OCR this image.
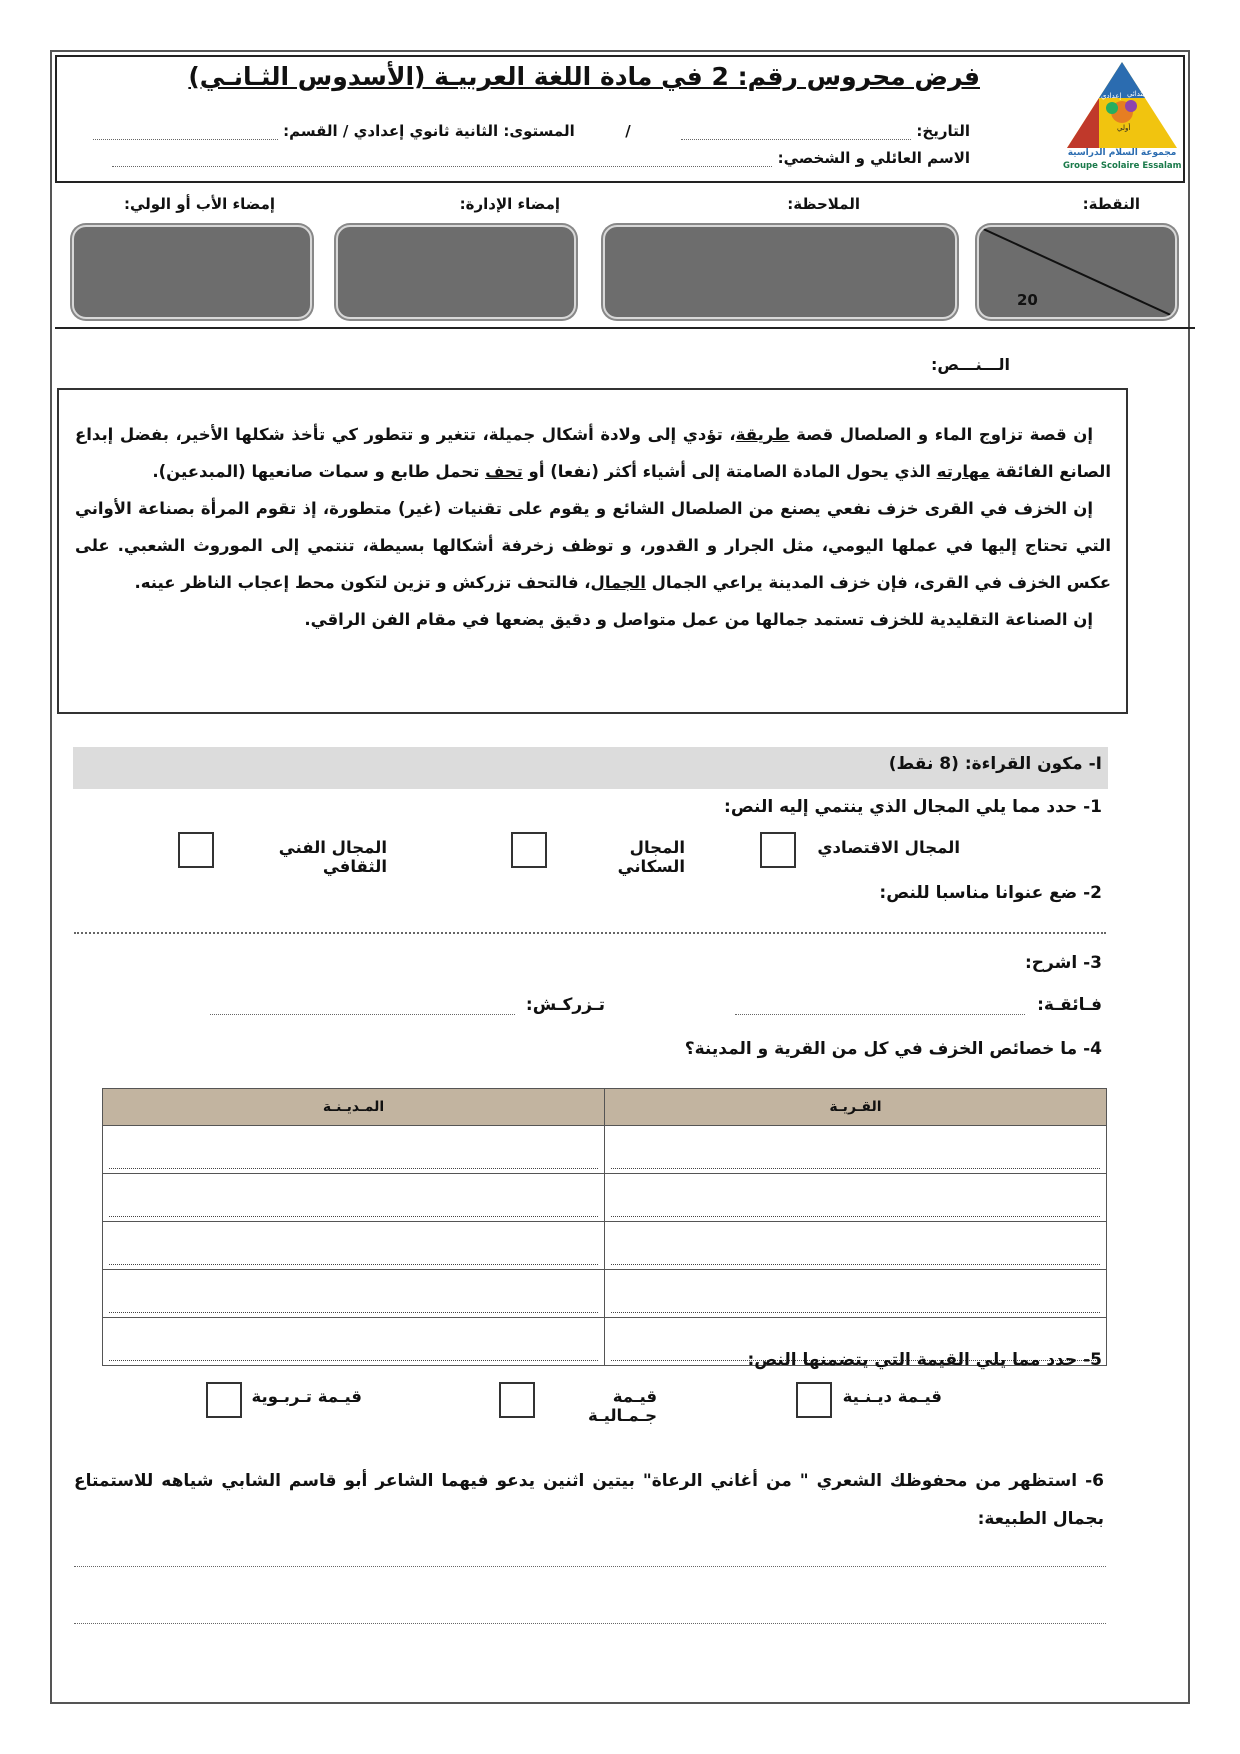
إعدادي ابتدائي
أولي
مجموعة السلام الدراسية
Groupe Scolaire Essalam
فرض محروس رقم: 2 في مادة اللغة العربيـة (الأسدوس الثـانـي)
التاريخ:   /  المستوى: الثانية ثانوي إعدادي / القسم:
الاسم العائلي و الشخصي:
النقطة:
الملاحظة:
إمضاء الإدارة:
إمضاء الأب أو الولي:
20
الـــنـــص:
إن قصة تزاوج الماء و الصلصال قصة طريقة، تؤدي إلى ولادة أشكال جميلة، تتغير و تتطور كي تأخذ شكلها الأخير، بفضل إبداع الصانع الفائقة مهارته الذي يحول المادة الصامتة إلى أشياء أكثر (نفعا) أو تحف تحمل طابع و سمات صانعيها (المبدعين).
إن الخزف في القرى خزف نفعي يصنع من الصلصال الشائع و يقوم على تقنيات (غير) متطورة، إذ تقوم المرأة بصناعة الأواني التي تحتاج إليها في عملها اليومي، مثل الجرار و القدور، و توظف زخرفة أشكالها بسيطة، تنتمي إلى الموروث الشعبي. على عكس الخزف في القرى، فإن خزف المدينة يراعي الجمال الجمال، فالتحف تزركش و تزين لتكون محط إعجاب الناظر عينه.
إن الصناعة التقليدية للخزف تستمد جمالها من عمل متواصل و دقيق يضعها في مقام الفن الراقي.
I- مكون القراءة: (8 نقط)
1- حدد مما يلي المجال الذي ينتمي إليه النص:
المجال الاقتصادي
المجال السكاني
المجال الفني الثقافي
2- ضع عنوانا مناسبا للنص:
3- اشرح:
فـائقـة:
تـزركـش:
4- ما خصائص الخزف في كل من القرية و المدينة؟
المـديـنـة	القـريـة

5- حدد مما يلي القيمة التي يتضمنها النص:
قيـمة ديـنـية
قيـمة جـمـاليـة
قيـمة تـربـوية
6- استظهر من محفوظك الشعري " من أغاني الرعاة" بيتين اثنين يدعو فيهما الشاعر أبو قاسم الشابي شياهه للاستمتاع بجمال الطبيعة:
